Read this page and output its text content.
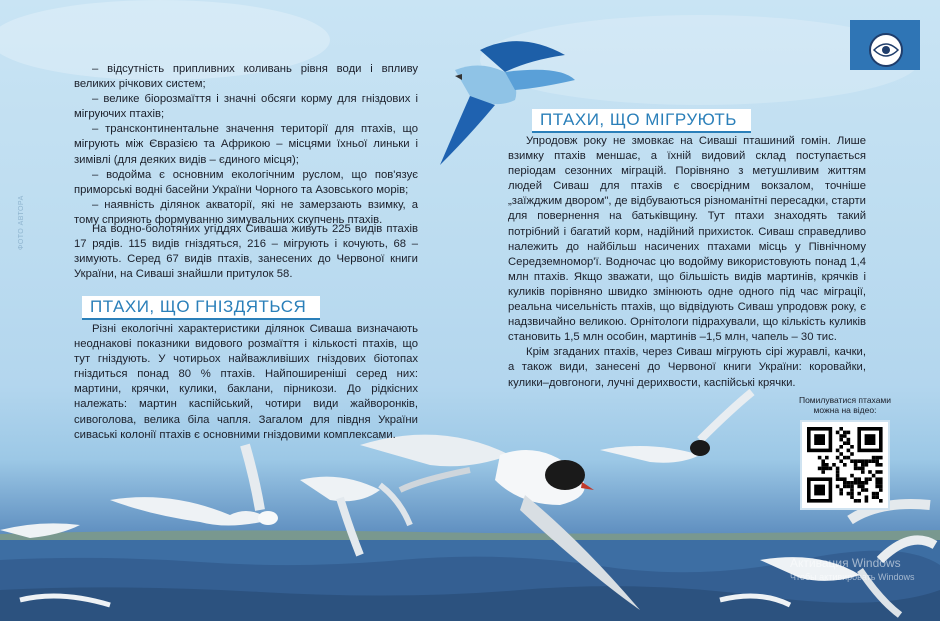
ФОТО АВТОРА

– відсутність припливних коливань рівня води і впливу великих річкових систем;

– велике біорозмаїття і значні обсяги корму для гніздових і мігруючих птахів;

– трансконтинентальне значення території для птахів, що мігрують між Євразією та Африкою – місцями їхньої линьки і зимівлі (для деяких видів – єдиного місця);

– водойма є основним екологічним руслом, що пов'язує приморські водні басейни України Чорного та Азовського морів;

– наявність ділянок акваторії, які не замерзають взимку, а тому сприяють формуванню зимувальних скупчень птахів.

На водно-болотяних угіддях Сиваша живуть 225 видів птахів 17 рядів. 115 видів гніздяться, 216 – мігрують і кочують, 68 – зимують. Серед 67 видів птахів, занесених до Червоної книги України, на Сиваші знайшли притулок 58.

ПТАХИ, ЩО ГНІЗДЯТЬСЯ

Різні екологічні характеристики ділянок Сиваша визначають неоднакові показники видового розмаїття і кількості птахів, що тут гніздують. У чотирьох найважливіших гніздових біотопах гніздиться понад 80 % птахів. Найпоширеніші серед них: мартини, крячки, кулики, баклани, пірникози. До рідкісних належать: мартин каспійський, чотири види жайворонків, сивоголова, велика біла чапля. Загалом для півдня України сиваські колонії птахів є основними гніздовими комплексами.

ПТАХИ, ЩО МІГРУЮТЬ

Упродовж року не змовкає на Сиваші пташиний гомін. Лише взимку птахів меншає, а їхній видовий склад поступається періодам сезонних міграцій. Порівняно з метушливим життям людей Сиваш для птахів є своєрідним вокзалом, точніше „заїжджим двором", де відбуваються різноманітні пересадки, старти для повернення на батьківщину. Тут птахи знаходять такий потрібний і багатий корм, надійний прихисток. Сиваш справедливо належить до найбільш насичених птахами місць у Північному Середземномор'ї. Водночас цю водойму використовують понад 1,4 млн птахів. Якщо зважати, що більшість видів мартинів, крячків і куликів порівняно швидко змінюють одне одного під час міграції, реальна чисельність птахів, що відвідують Сиваш упродовж року, є надзвичайно великою. Орнітологи підрахували, що кількість куликів становить 1,5 млн особин, мартинів –1,5 млн, чапель – 30 тис.

Крім згаданих птахів, через Сиваш мігрують сірі журавлі, качки, а також види, занесені до Червоної книги України: коровайки, кулики–довгоноги, лучні дерихвости, каспійські крячки.

Помилуватися птахами можна на відео:
Активация Windows
Чтобы активировать Windows
